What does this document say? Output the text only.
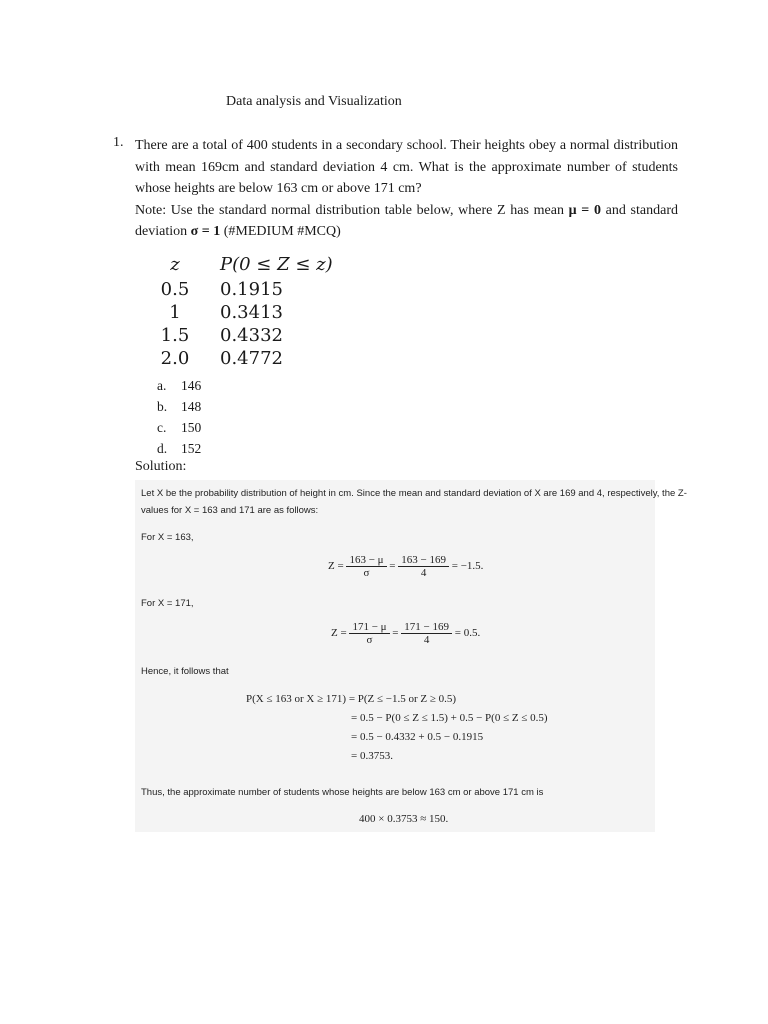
Data analysis and Visualization
1. There are a total of 400 students in a secondary school. Their heights obey a normal distribution with mean 169cm and standard deviation 4 cm. What is the approximate number of students whose heights are below 163 cm or above 171 cm?

Note: Use the standard normal distribution table below, where Z has mean μ = 0 and standard deviation σ = 1 (#MEDIUM #MCQ)

z	P(0 ≤ Z ≤ z)
0.5	0.1915
1	0.3413
1.5	0.4332
2.0	0.4772
a.	146
b.	148
c.	150
d.	152
Solution:
Let X be the probability distribution of height in cm. Since the mean and standard deviation of X are 169 and 4, respectively, the Z-
values for X = 163 and 171 are as follows:
For X = 163,
$Z = \frac{163 - \mu}{\sigma} = \frac{163 - 169}{4} = -1.5$.
For X = 171,
$Z = \frac{171 - \mu}{\sigma} = \frac{171 - 169}{4} = 0.5$.
Hence, it follows that
P(X ≤ 163 or X ≥ 171) = P(Z ≤ −1.5 or Z ≥ 0.5)
= 0.5 − P(0 ≤ Z ≤ 1.5) + 0.5 − P(0 ≤ Z ≤ 0.5)
= 0.5 − 0.4332 + 0.5 − 0.1915
= 0.3753.
Thus, the approximate number of students whose heights are below 163 cm or above 171 cm is
400 × 0.3753 ≈ 150.
